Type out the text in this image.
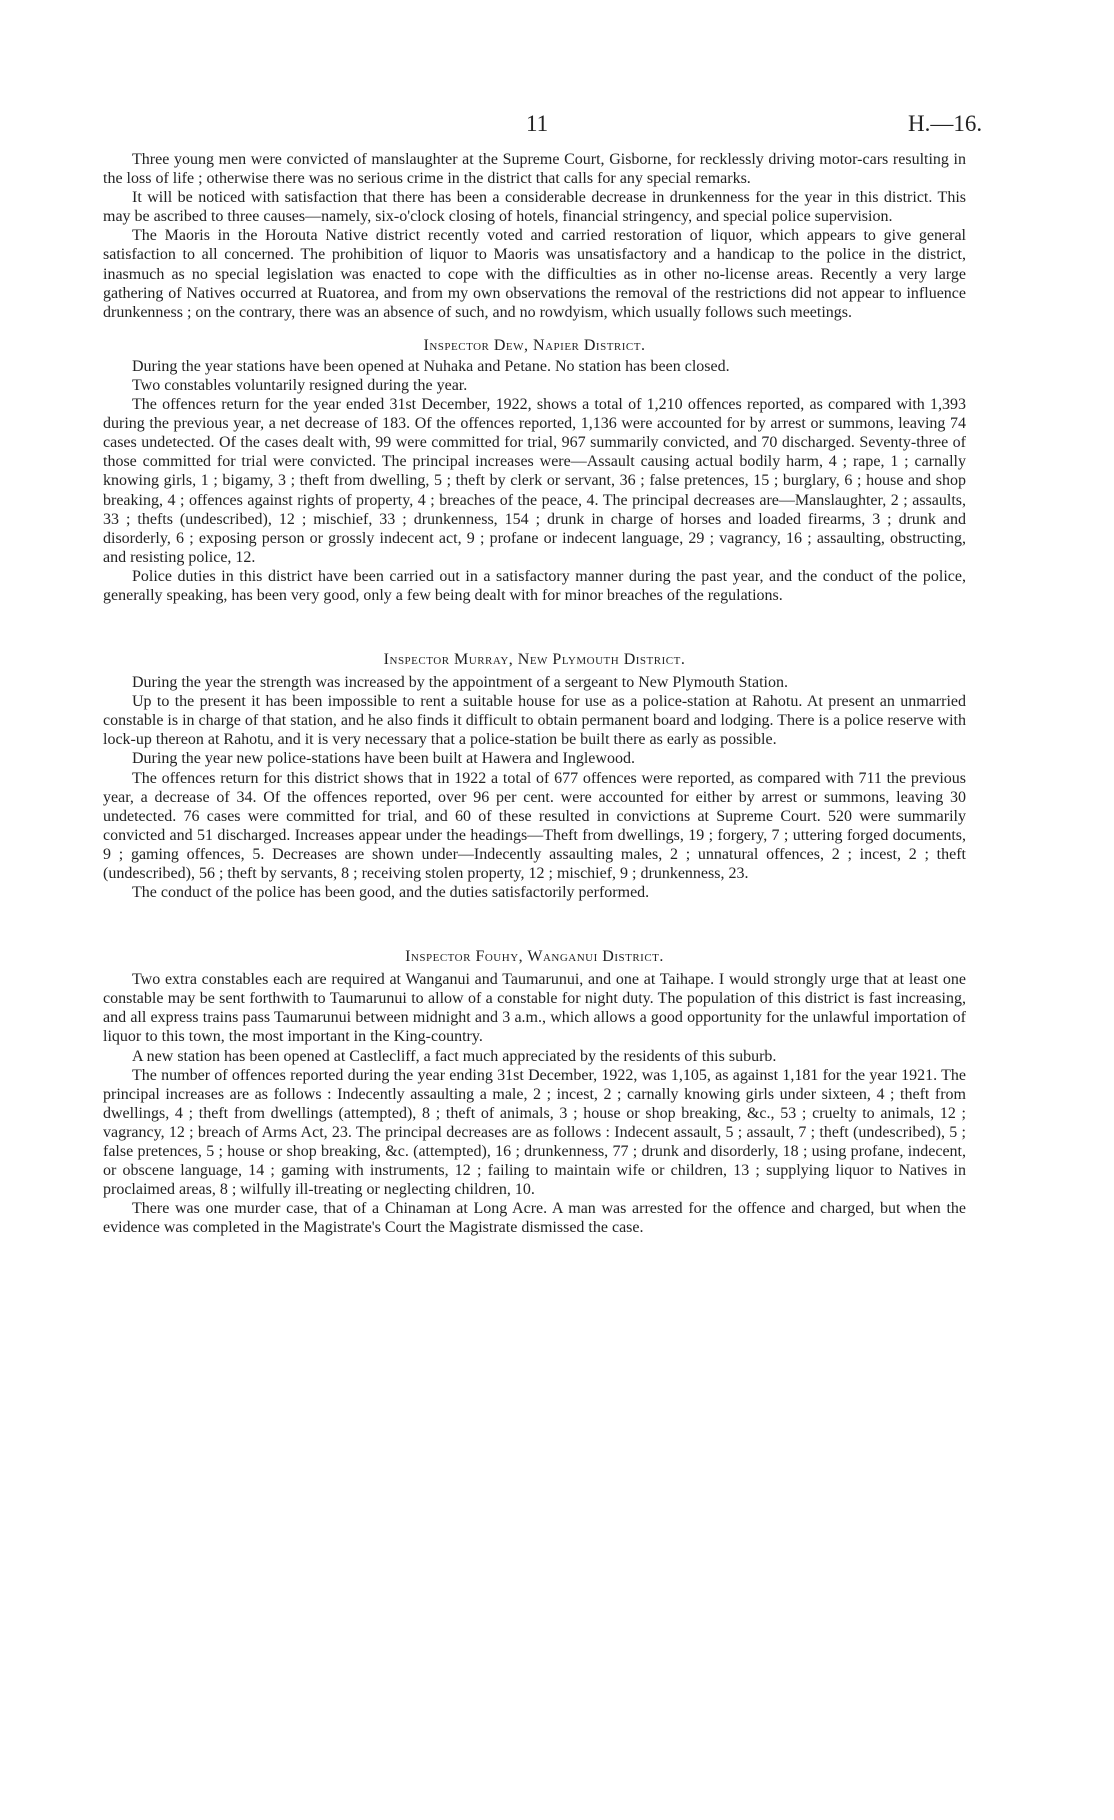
11	H.—16.

Three young men were convicted of manslaughter at the Supreme Court, Gisborne, for recklessly driving motor-cars resulting in the loss of life ; otherwise there was no serious crime in the district that calls for any special remarks.

It will be noticed with satisfaction that there has been a considerable decrease in drunkenness for the year in this district. This may be ascribed to three causes—namely, six-o'clock closing of hotels, financial stringency, and special police supervision.

The Maoris in the Horouta Native district recently voted and carried restoration of liquor, which appears to give general satisfaction to all concerned. The prohibition of liquor to Maoris was unsatisfactory and a handicap to the police in the district, inasmuch as no special legislation was enacted to cope with the difficulties as in other no-license areas. Recently a very large gathering of Natives occurred at Ruatorea, and from my own observations the removal of the restrictions did not appear to influence drunkenness ; on the contrary, there was an absence of such, and no rowdyism, which usually follows such meetings.

Inspector Dew, Napier District.

During the year stations have been opened at Nuhaka and Petane. No station has been closed.

Two constables voluntarily resigned during the year.

The offences return for the year ended 31st December, 1922, shows a total of 1,210 offences reported, as compared with 1,393 during the previous year, a net decrease of 183. Of the offences reported, 1,136 were accounted for by arrest or summons, leaving 74 cases undetected. Of the cases dealt with, 99 were committed for trial, 967 summarily convicted, and 70 discharged. Seventy-three of those committed for trial were convicted. The principal increases were—Assault causing actual bodily harm, 4 ; rape, 1 ; carnally knowing girls, 1 ; bigamy, 3 ; theft from dwelling, 5 ; theft by clerk or servant, 36 ; false pretences, 15 ; burglary, 6 ; house and shop breaking, 4 ; offences against rights of property, 4 ; breaches of the peace, 4. The principal decreases are—Manslaughter, 2 ; assaults, 33 ; thefts (undescribed), 12 ; mischief, 33 ; drunkenness, 154 ; drunk in charge of horses and loaded firearms, 3 ; drunk and disorderly, 6 ; exposing person or grossly indecent act, 9 ; profane or indecent language, 29 ; vagrancy, 16 ; assaulting, obstructing, and resisting police, 12.

Police duties in this district have been carried out in a satisfactory manner during the past year, and the conduct of the police, generally speaking, has been very good, only a few being dealt with for minor breaches of the regulations.

Inspector Murray, New Plymouth District.

During the year the strength was increased by the appointment of a sergeant to New Plymouth Station.

Up to the present it has been impossible to rent a suitable house for use as a police-station at Rahotu. At present an unmarried constable is in charge of that station, and he also finds it difficult to obtain permanent board and lodging. There is a police reserve with lock-up thereon at Rahotu, and it is very necessary that a police-station be built there as early as possible.

During the year new police-stations have been built at Hawera and Inglewood.

The offences return for this district shows that in 1922 a total of 677 offences were reported, as compared with 711 the previous year, a decrease of 34. Of the offences reported, over 96 per cent. were accounted for either by arrest or summons, leaving 30 undetected. 76 cases were committed for trial, and 60 of these resulted in convictions at Supreme Court. 520 were summarily convicted and 51 discharged. Increases appear under the headings—Theft from dwellings, 19 ; forgery, 7 ; uttering forged documents, 9 ; gaming offences, 5. Decreases are shown under—Indecently assaulting males, 2 ; unnatural offences, 2 ; incest, 2 ; theft (undescribed), 56 ; theft by servants, 8 ; receiving stolen property, 12 ; mischief, 9 ; drunkenness, 23.

The conduct of the police has been good, and the duties satisfactorily performed.

Inspector Fouhy, Wanganui District.

Two extra constables each are required at Wanganui and Taumarunui, and one at Taihape. I would strongly urge that at least one constable may be sent forthwith to Taumarunui to allow of a constable for night duty. The population of this district is fast increasing, and all express trains pass Taumarunui between midnight and 3 a.m., which allows a good opportunity for the unlawful importation of liquor to this town, the most important in the King-country.

A new station has been opened at Castlecliff, a fact much appreciated by the residents of this suburb.

The number of offences reported during the year ending 31st December, 1922, was 1,105, as against 1,181 for the year 1921. The principal increases are as follows : Indecently assaulting a male, 2 ; incest, 2 ; carnally knowing girls under sixteen, 4 ; theft from dwellings, 4 ; theft from dwellings (attempted), 8 ; theft of animals, 3 ; house or shop breaking, &c., 53 ; cruelty to animals, 12 ; vagrancy, 12 ; breach of Arms Act, 23. The principal decreases are as follows : Indecent assault, 5 ; assault, 7 ; theft (undescribed), 5 ; false pretences, 5 ; house or shop breaking, &c. (attempted), 16 ; drunkenness, 77 ; drunk and disorderly, 18 ; using profane, indecent, or obscene language, 14 ; gaming with instruments, 12 ; failing to maintain wife or children, 13 ; supplying liquor to Natives in proclaimed areas, 8 ; wilfully ill-treating or neglecting children, 10.

There was one murder case, that of a Chinaman at Long Acre. A man was arrested for the offence and charged, but when the evidence was completed in the Magistrate's Court the Magistrate dismissed the case.
